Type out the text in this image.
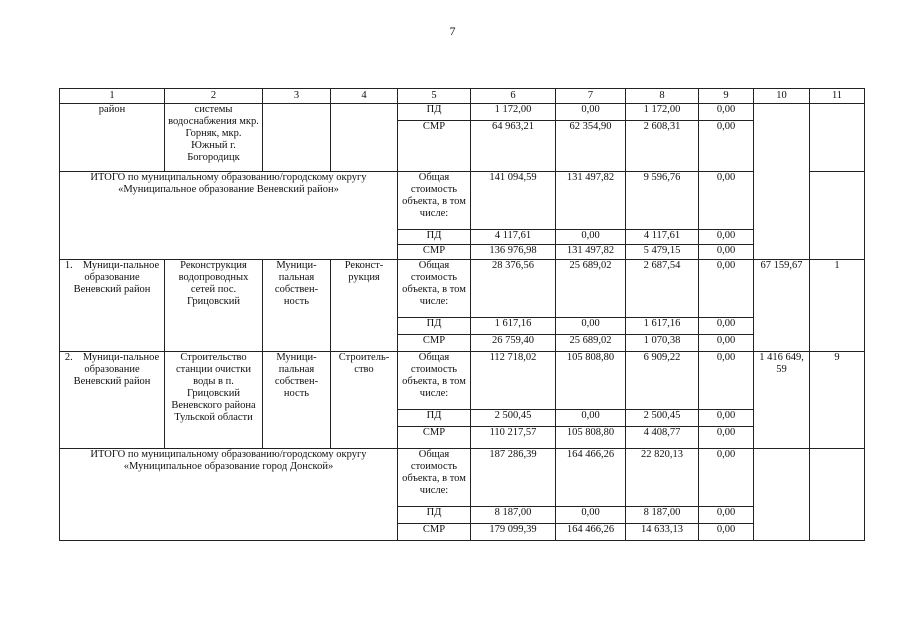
7
1	2	3	4	5	6	7	8	9	10	11
район	системы водоснабжения мкр. Горняк, мкр. Южный г. Богородицк			ПД	1 172,00	0,00	1 172,00	0,00		
				СМР	64 963,21	62 354,90	2 608,31	0,00		
ИТОГО по муниципальному образованию/городскому округу «Муниципальное образование Веневский район»				Общая стоимость объекта, в том числе:	141 094,59	131 497,82	9 596,76	0,00		
				ПД	4 117,61	0,00	4 117,61	0,00		
				СМР	136 976,98	131 497,82	5 479,15	0,00		
1. Муници-пальное образование Веневский район	Реконструкция водопроводных сетей пос. Грицовский	Муници-пальная собствен-ность	Реконст-рукция	Общая стоимость объекта, в том числе:	28 376,56	25 689,02	2 687,54	0,00	67 159,67	1
				ПД	1 617,16	0,00	1 617,16	0,00		
				СМР	26 759,40	25 689,02	1 070,38	0,00		
2. Муници-пальное образование Веневский район	Строительство станции очистки воды в п. Грицовский Веневского района Тульской области	Муници-пальная собствен-ность	Строитель-ство	Общая стоимость объекта, в том числе:	112 718,02	105 808,80	6 909,22	0,00	1 416 649, 59	9
				ПД	2 500,45	0,00	2 500,45	0,00		
				СМР	110 217,57	105 808,80	4 408,77	0,00		
ИТОГО по муниципальному образованию/городскому округу «Муниципальное образование город Донской»				Общая стоимость объекта, в том числе:	187 286,39	164 466,26	22 820,13	0,00		
				ПД	8 187,00	0,00	8 187,00	0,00		
				СМР	179 099,39	164 466,26	14 633,13	0,00		
